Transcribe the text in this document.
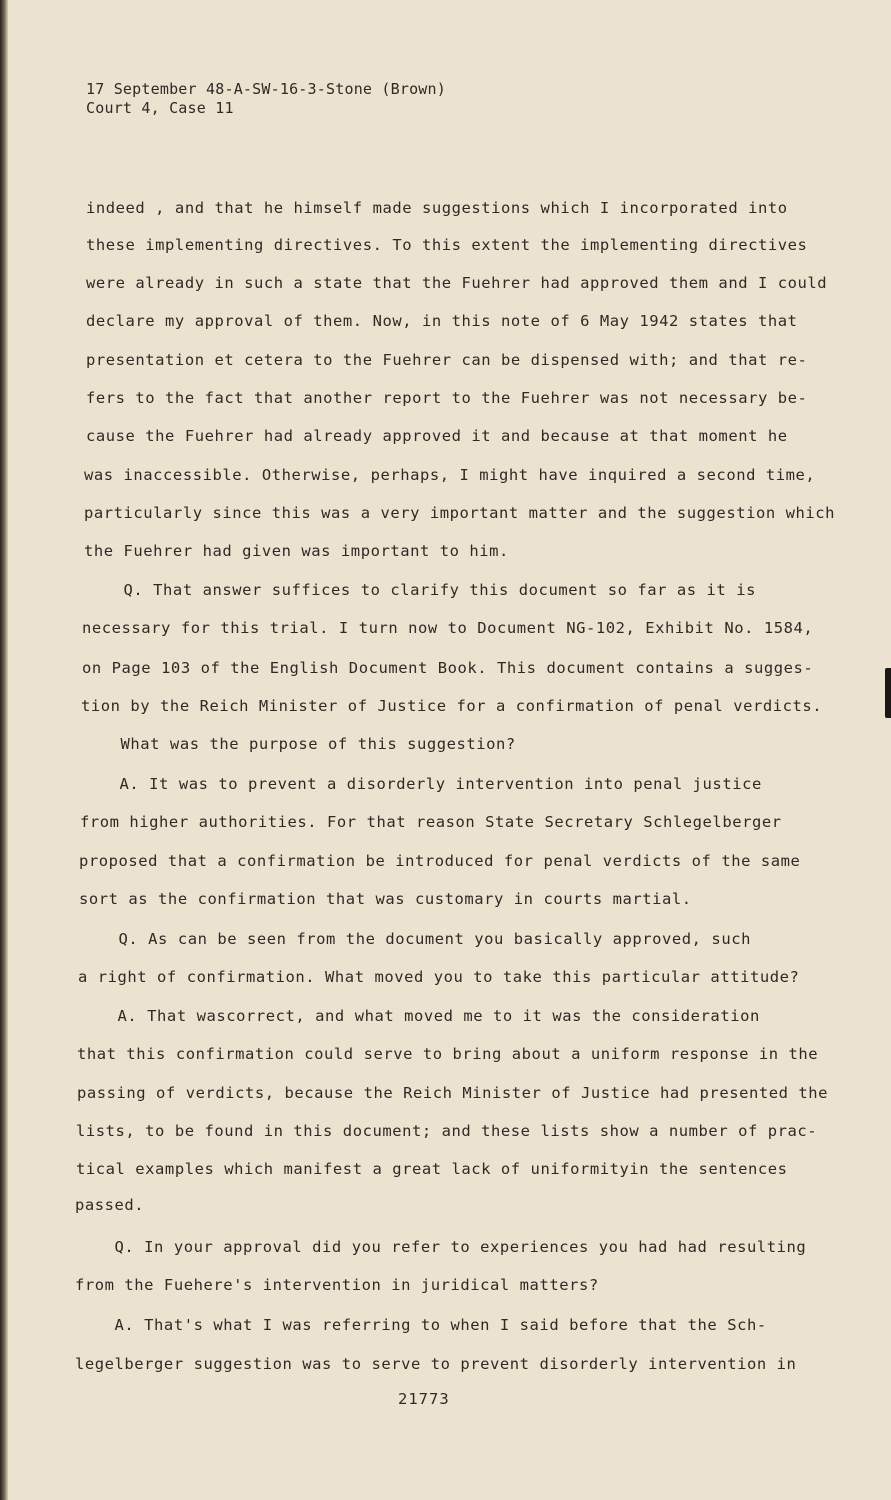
17 September 48-A-SW-16-3-Stone (Brown)
Court 4, Case 11
indeed , and that he himself made suggestions which I incorporated into
these implementing directives. To this extent the implementing directives
were already in such a state that the Fuehrer had approved them and I could
declare my approval of them. Now, in this note of 6 May 1942 states that
presentation et cetera to the Fuehrer can be dispensed with; and that re-
fers to the fact that another report to the Fuehrer was not necessary be-
cause the Fuehrer had already approved it and because at that moment he
was inaccessible. Otherwise, perhaps, I might have inquired a second time,
particularly since this was a very important matter and the suggestion which
the Fuehrer had given was important to him.
Q. That answer suffices to clarify this document so far as it is
necessary for this trial. I turn now to Document NG-102, Exhibit No. 1584,
on Page 103 of the English Document Book. This document contains a sugges-
tion by the Reich Minister of Justice for a confirmation of penal verdicts.
What was the purpose of this suggestion?
A. It was to prevent a disorderly intervention into penal justice
from higher authorities. For that reason State Secretary Schlegelberger
proposed that a confirmation be introduced for penal verdicts of the same
sort as the confirmation that was customary in courts martial.
Q. As can be seen from the document you basically approved, such
a right of confirmation. What moved you to take this particular attitude?
A. That wascorrect, and what moved me to it was the consideration
that this confirmation could serve to bring about a uniform response in the
passing of verdicts, because the Reich Minister of Justice had presented the
lists, to be found in this document; and these lists show a number of prac-
tical examples which manifest a great lack of uniformityin the sentences
passed.
Q. In your approval did you refer to experiences you had had resulting
from the Fuehere's intervention in juridical matters?
A. That's what I was referring to when I said before that the Sch-
legelberger suggestion was to serve to prevent disorderly intervention in
21773
